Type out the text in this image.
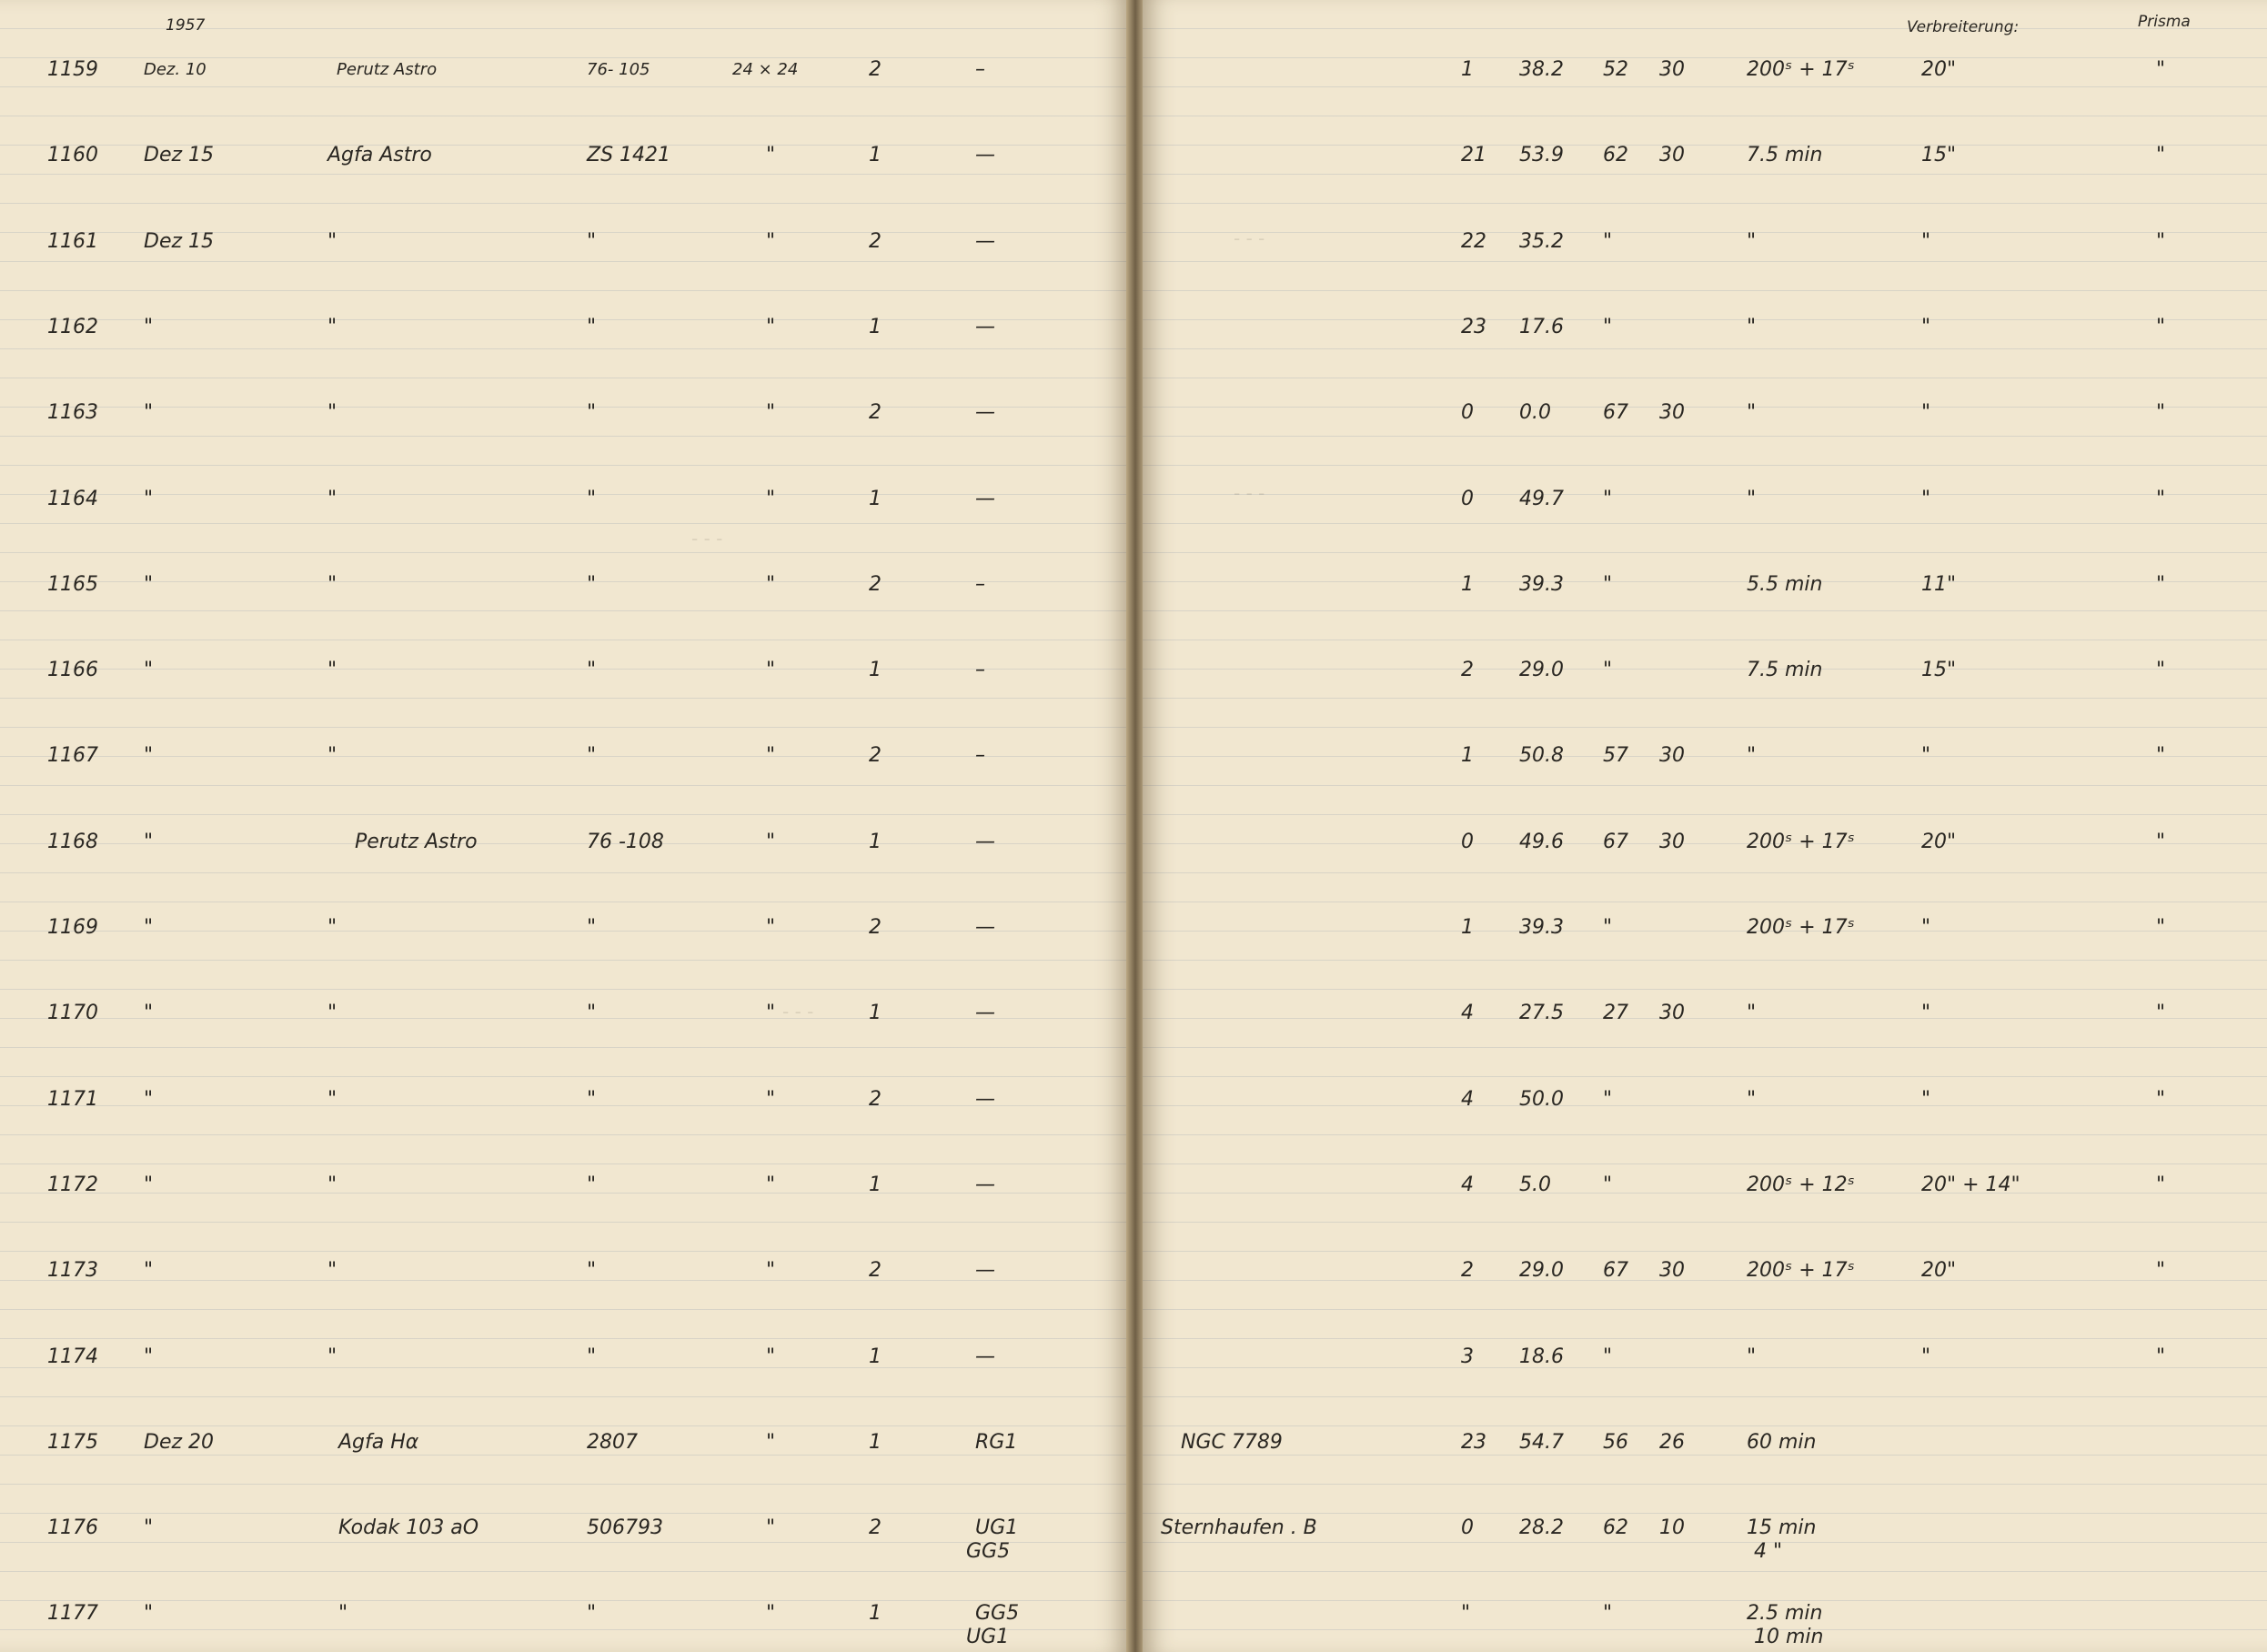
- - -
- - -
1957
1159	Dez. 10	Perutz Astro	76- 105	24 × 24	2	–
1160 Dez 15	Agfa Astro	ZS 1421	"	1	—
1161 Dez 15	"	"	"	2	—
1162 "	"	"	"	1	—
1163 "	"	"	"	2	—
1164 "	"	"	"	1	—
1165 "	"	"	"	2	–
1166 "	"	"	"	1	–
1167 "	"	"	"	2	–
1168 "	Perutz Astro	76 -108	"	1	—
1169 "	"	"	"	2	—
1170 "	"	"	"	1	—
1171 "	"	"	"	2	—
1172 "	"	"	"	1	—
1173 "	"	"	"	2	—
1174 "	"	"	"	1	—
1175 Dez 20	Agfa Hα	2807	"	1	RG1
1176 "	Kodak 103 aO	506793	"	2	UG1
GG5
1177 "	"	"	"	1	GG5
UG1
- - -
- - -
Verbreiterung:	Prisma
1 38.2 52 30	200ˢ + 17ˢ	20"	"
21 53.9 62 30	7.5 min	15"	"
22 35.2 "	"	"	"
23 17.6 "	"	"	"
0 0.0	67 30	"	"	"
0 49.7 "	"	"	"
1 39.3 "	5.5 min	11"	"
2 29.0 "	7.5 min	15"	"
1 50.8 57 30	"	"	"
0 49.6 67 30	200ˢ + 17ˢ	20"	"
1 39.3 "	200ˢ + 17ˢ	"	"
4 27.5 27 30	"	"	"
4 50.0 "	"	"	"
4 5.0	"	200ˢ + 12ˢ	20" + 14"	"
2 29.0 67 30	200ˢ + 17ˢ	20"	"
3 18.6 "	"	"	"
NGC 7789	23 54.7 56 26	60 min
Sternhaufen . B	0 28.2 62 10	15 min
4 "
"	"	2.5 min
10 min
